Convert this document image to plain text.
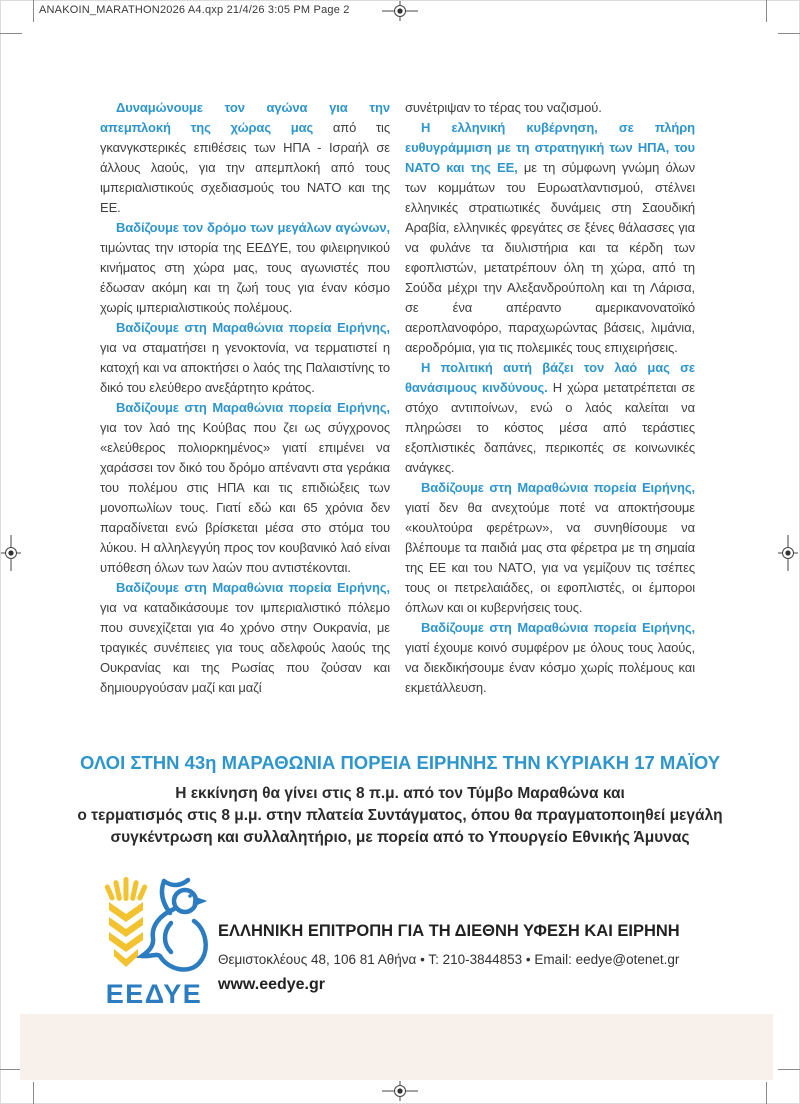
ANAKOIN_MARATHON2026 A4.qxp 21/4/26 3:05 PM Page 2

Δυναμώνουμε τον αγώνα για την απεμπλοκή της χώρας μας από τις γκανγκστερικές επιθέσεις των ΗΠΑ - Ισραήλ σε άλλους λαούς, για την απεμπλοκή από τους ιμπεριαλιστικούς σχεδιασμούς του ΝΑΤΟ και της ΕΕ.

Βαδίζουμε τον δρόμο των μεγάλων αγώνων, τιμώντας την ιστορία της ΕΕΔΥΕ, του φιλειρηνικού κινήματος στη χώρα μας, τους αγωνιστές που έδωσαν ακόμη και τη ζωή τους για έναν κόσμο χωρίς ιμπεριαλιστικούς πολέμους.

Βαδίζουμε στη Μαραθώνια πορεία Ειρήνης, για να σταματήσει η γενοκτονία, να τερματιστεί η κατοχή και να αποκτήσει ο λαός της Παλαιστίνης το δικό του ελεύθερο ανεξάρτητο κράτος.

Βαδίζουμε στη Μαραθώνια πορεία Ειρήνης, για τον λαό της Κούβας που ζει ως σύγχρονος «ελεύθερος πολιορκημένος» γιατί επιμένει να χαράσσει τον δικό του δρόμο απέναντι στα γεράκια του πολέμου στις ΗΠΑ και τις επιδιώξεις των μονοπωλίων τους. Γιατί εδώ και 65 χρόνια δεν παραδίνεται ενώ βρίσκεται μέσα στο στόμα του λύκου. Η αλληλεγγύη προς τον κουβανικό λαό είναι υπόθεση όλων των λαών που αντιστέκονται.

Βαδίζουμε στη Μαραθώνια πορεία Ειρήνης, για να καταδικάσουμε τον ιμπεριαλιστικό πόλεμο που συνεχίζεται για 4ο χρόνο στην Ουκρανία, με τραγικές συνέπειες για τους αδελφούς λαούς της Ουκρανίας και της Ρωσίας που ζούσαν και δημιουργούσαν μαζί και μαζί

συνέτριψαν το τέρας του ναζισμού.

Η ελληνική κυβέρνηση, σε πλήρη ευθυγράμμιση με τη στρατηγική των ΗΠΑ, του ΝΑΤΟ και της ΕΕ, με τη σύμφωνη γνώμη όλων των κομμάτων του Ευρωατλαντισμού, στέλνει ελληνικές στρατιωτικές δυνάμεις στη Σαουδική Αραβία, ελληνικές φρεγάτες σε ξένες θάλασσες για να φυλάνε τα διυλιστήρια και τα κέρδη των εφοπλιστών, μετατρέπουν όλη τη χώρα, από τη Σούδα μέχρι την Αλεξανδρούπολη και τη Λάρισα, σε ένα απέραντο αμερικανονατοϊκό αεροπλανοφόρο, παραχωρώντας βάσεις, λιμάνια, αεροδρόμια, για τις πολεμικές τους επιχειρήσεις.

Η πολιτική αυτή βάζει τον λαό μας σε θανάσιμους κινδύνους. Η χώρα μετατρέπεται σε στόχο αντιποίνων, ενώ ο λαός καλείται να πληρώσει το κόστος μέσα από τεράστιες εξοπλιστικές δαπάνες, περικοπές σε κοινωνικές ανάγκες.

Βαδίζουμε στη Μαραθώνια πορεία Ειρήνης, γιατί δεν θα ανεχτούμε ποτέ να αποκτήσουμε «κουλτούρα φερέτρων», να συνηθίσουμε να βλέπουμε τα παιδιά μας στα φέρετρα με τη σημαία της ΕΕ και του ΝΑΤΟ, για να γεμίζουν τις τσέπες τους οι πετρελαιάδες, οι εφοπλιστές, οι έμποροι όπλων και οι κυβερνήσεις τους.

Βαδίζουμε στη Μαραθώνια πορεία Ειρήνης, γιατί έχουμε κοινό συμφέρον με όλους τους λαούς, να διεκδικήσουμε έναν κόσμο χωρίς πολέμους και εκμετάλλευση.

ΟΛΟΙ ΣΤΗΝ 43η ΜΑΡΑΘΩΝΙΑ ΠΟΡΕΙΑ ΕΙΡΗΝΗΣ ΤΗΝ ΚΥΡΙΑΚΗ 17 ΜΑΪΟΥ
Η εκκίνηση θα γίνει στις 8 π.μ. από τον Τύμβο Μαραθώνα και
ο τερματισμός στις 8 μ.μ. στην πλατεία Συντάγματος, όπου θα πραγματοποιηθεί μεγάλη
συγκέντρωση και συλλαλητήριο, με πορεία από το Υπουργείο Εθνικής Άμυνας
ΕΕΔΥΕ
ΕΛΛΗΝΙΚΗ ΕΠΙΤΡΟΠΗ ΓΙΑ ΤΗ ΔΙΕΘΝΗ ΥΦΕΣΗ ΚΑΙ ΕΙΡΗΝΗ
Θεμιστοκλέους 48, 106 81 Αθήνα • Τ: 210-3844853 • Email: eedye@otenet.gr
www.eedye.gr
